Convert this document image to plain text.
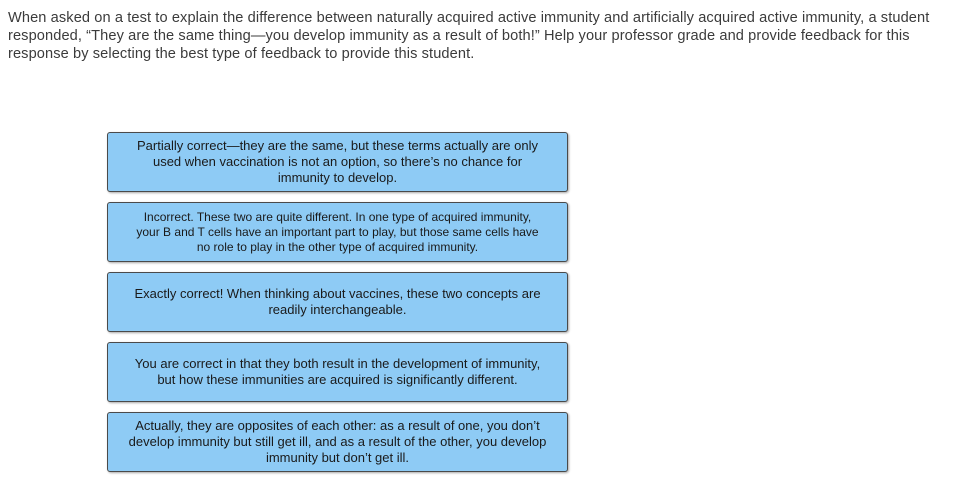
When asked on a test to explain the difference between naturally acquired active immunity and artificially acquired active immunity, a student responded, “They are the same thing—you develop immunity as a result of both!” Help your professor grade and provide feedback for this response by selecting the best type of feedback to provide this student.
Partially correct—they are the same, but these terms actually are only used when vaccination is not an option, so there’s no chance for immunity to develop.
Incorrect. These two are quite different. In one type of acquired immunity, your B and T cells have an important part to play, but those same cells have no role to play in the other type of acquired immunity.
Exactly correct! When thinking about vaccines, these two concepts are readily interchangeable.
You are correct in that they both result in the development of immunity, but how these immunities are acquired is significantly different.
Actually, they are opposites of each other: as a result of one, you don’t develop immunity but still get ill, and as a result of the other, you develop immunity but don’t get ill.
